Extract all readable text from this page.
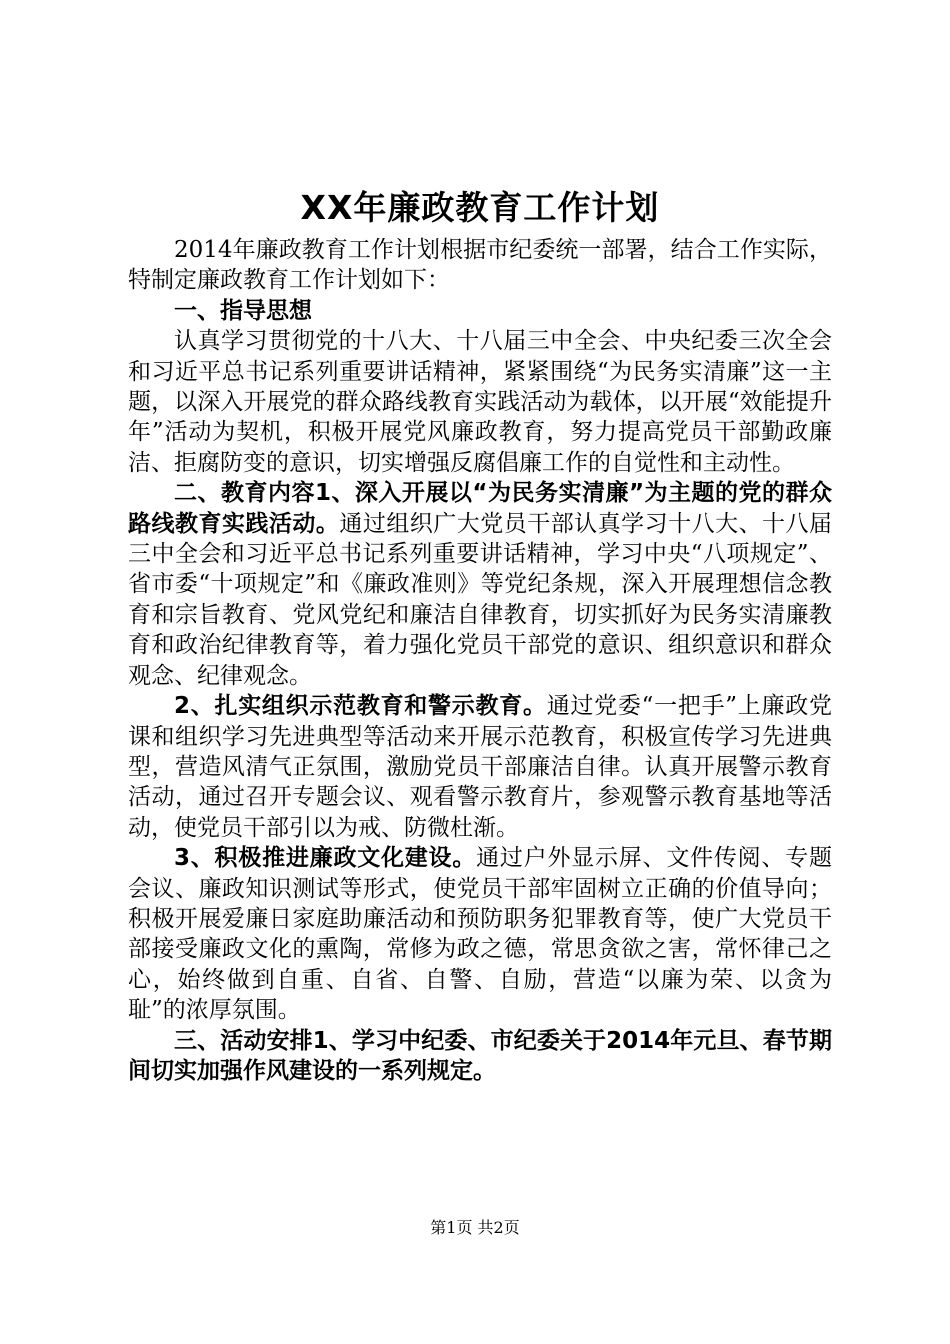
XX年廉政教育工作计划

2014年廉政教育工作计划根据市纪委统一部署，结合工作实际，特制定廉政教育工作计划如下：

一、指导思想

认真学习贯彻党的十八大、十八届三中全会、中央纪委三次全会和习近平总书记系列重要讲话精神，紧紧围绕“为民务实清廉”这一主题，以深入开展党的群众路线教育实践活动为载体，以开展“效能提升年”活动为契机，积极开展党风廉政教育，努力提高党员干部勤政廉洁、拒腐防变的意识，切实增强反腐倡廉工作的自觉性和主动性。

二、教育内容1、深入开展以“为民务实清廉”为主题的党的群众路线教育实践活动。通过组织广大党员干部认真学习十八大、十八届三中全会和习近平总书记系列重要讲话精神，学习中央“八项规定”、省市委“十项规定”和《廉政准则》等党纪条规，深入开展理想信念教育和宗旨教育、党风党纪和廉洁自律教育，切实抓好为民务实清廉教育和政治纪律教育等，着力强化党员干部党的意识、组织意识和群众观念、纪律观念。

2、扎实组织示范教育和警示教育。通过党委“一把手”上廉政党课和组织学习先进典型等活动来开展示范教育，积极宣传学习先进典型，营造风清气正氛围，激励党员干部廉洁自律。认真开展警示教育活动，通过召开专题会议、观看警示教育片，参观警示教育基地等活动，使党员干部引以为戒、防微杜渐。

3、积极推进廉政文化建设。通过户外显示屏、文件传阅、专题会议、廉政知识测试等形式，使党员干部牢固树立正确的价值导向；积极开展爱廉日家庭助廉活动和预防职务犯罪教育等，使广大党员干部接受廉政文化的熏陶，常修为政之德，常思贪欲之害，常怀律己之心，始终做到自重、自省、自警、自励，营造“以廉为荣、以贪为耻”的浓厚氛围。

三、活动安排1、学习中纪委、市纪委关于2014年元旦、春节期间切实加强作风建设的一系列规定。

第1页 共2页
